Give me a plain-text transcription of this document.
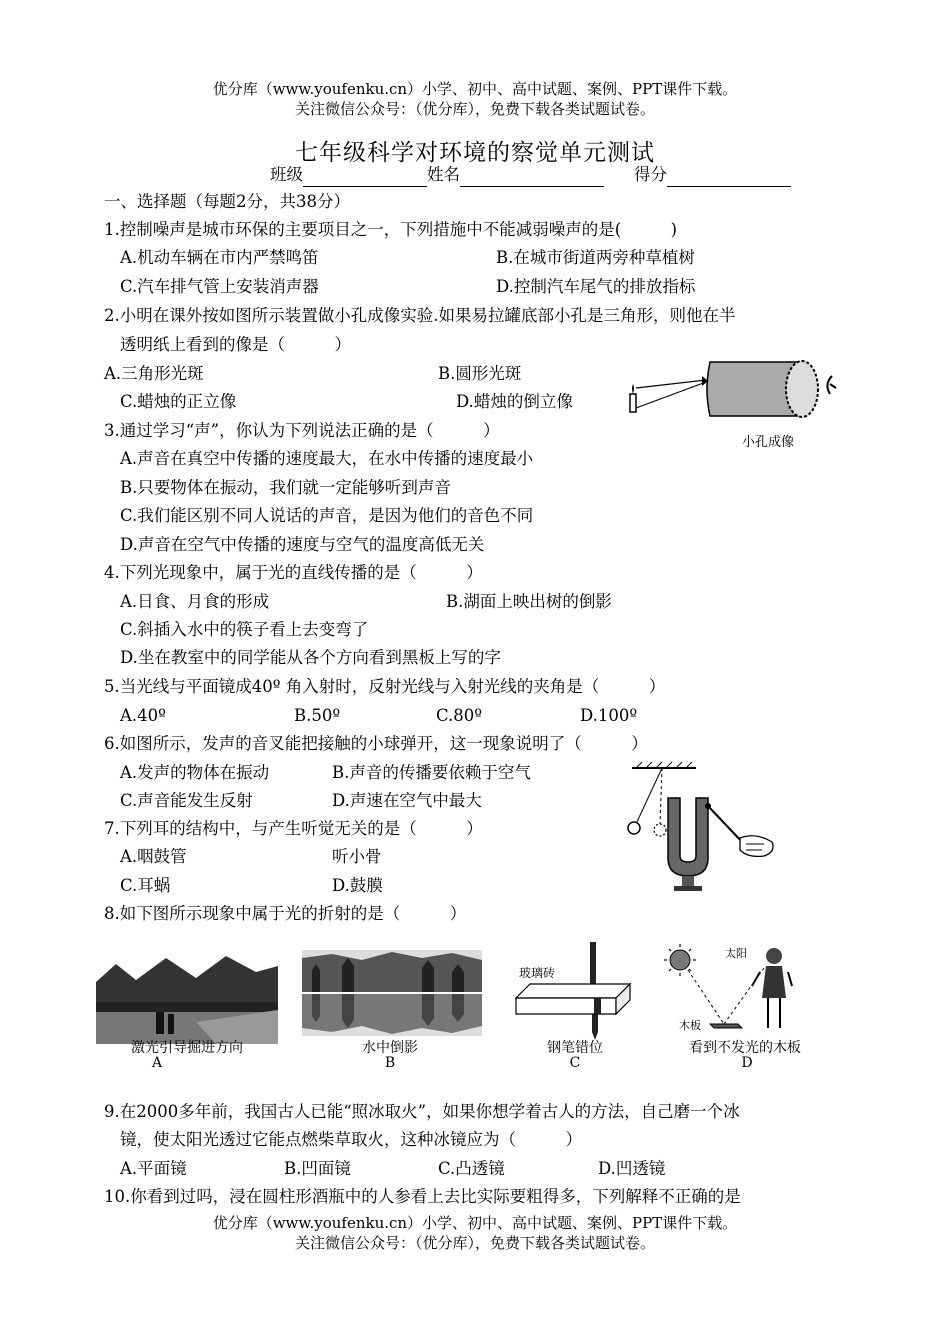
优分库（www.youfenku.cn）小学、初中、高中试题、案例、PPT课件下载。
关注微信公众号：（优分库），免费下载各类试题试卷。
七年级科学对环境的察觉单元测试
班级	姓名	得分
一、选择题（每题2分，共38分）
1.控制噪声是城市环保的主要项目之一，下列措施中不能减弱噪声的是(　　　)
A.机动车辆在市内严禁鸣笛	B.在城市街道两旁种草植树
C.汽车排气管上安装消声器	D.控制汽车尾气的排放指标
2.小明在课外按如图所示装置做小孔成像实验.如果易拉罐底部小孔是三角形，则他在半
透明纸上看到的像是（　　　）
A.三角形光斑	B.圆形光斑
C.蜡烛的正立像	D.蜡烛的倒立像
小孔成像
3.通过学习“声”，你认为下列说法正确的是（　　　）
A.声音在真空中传播的速度最大，在水中传播的速度最小
B.只要物体在振动，我们就一定能够听到声音
C.我们能区别不同人说话的声音，是因为他们的音色不同
D.声音在空气中传播的速度与空气的温度高低无关
4.下列光现象中，属于光的直线传播的是（　　　）
A.日食、月食的形成	B.湖面上映出树的倒影
C.斜插入水中的筷子看上去变弯了
D.坐在教室中的同学能从各个方向看到黑板上写的字
5.当光线与平面镜成40º 角入射时，反射光线与入射光线的夹角是（　　　）
A.40º	B.50º	C.80º	D.100º
6.如图所示，发声的音叉能把接触的小球弹开，这一现象说明了（　　　）
A.发声的物体在振动	B.声音的传播要依赖于空气
C.声音能发生反射	D.声速在空气中最大
7.下列耳的结构中，与产生听觉无关的是（　　　）
A.咽鼓管	听小骨
C.耳蜗	D.鼓膜
8.如下图所示现象中属于光的折射的是（　　　）
激光引导掘进方向
A
水中倒影
B
玻璃砖
钢笔错位
C
太阳
木板
看到不发光的木板
D
9.在2000多年前，我国古人已能“照冰取火”，如果你想学着古人的方法，自己磨一个冰
镜，使太阳光透过它能点燃柴草取火，这种冰镜应为（　　　）
A.平面镜	B.凹面镜	C.凸透镜	D.凹透镜
10.你看到过吗，浸在圆柱形酒瓶中的人参看上去比实际要粗得多，下列解释不正确的是
优分库（www.youfenku.cn）小学、初中、高中试题、案例、PPT课件下载。
关注微信公众号：（优分库），免费下载各类试题试卷。
